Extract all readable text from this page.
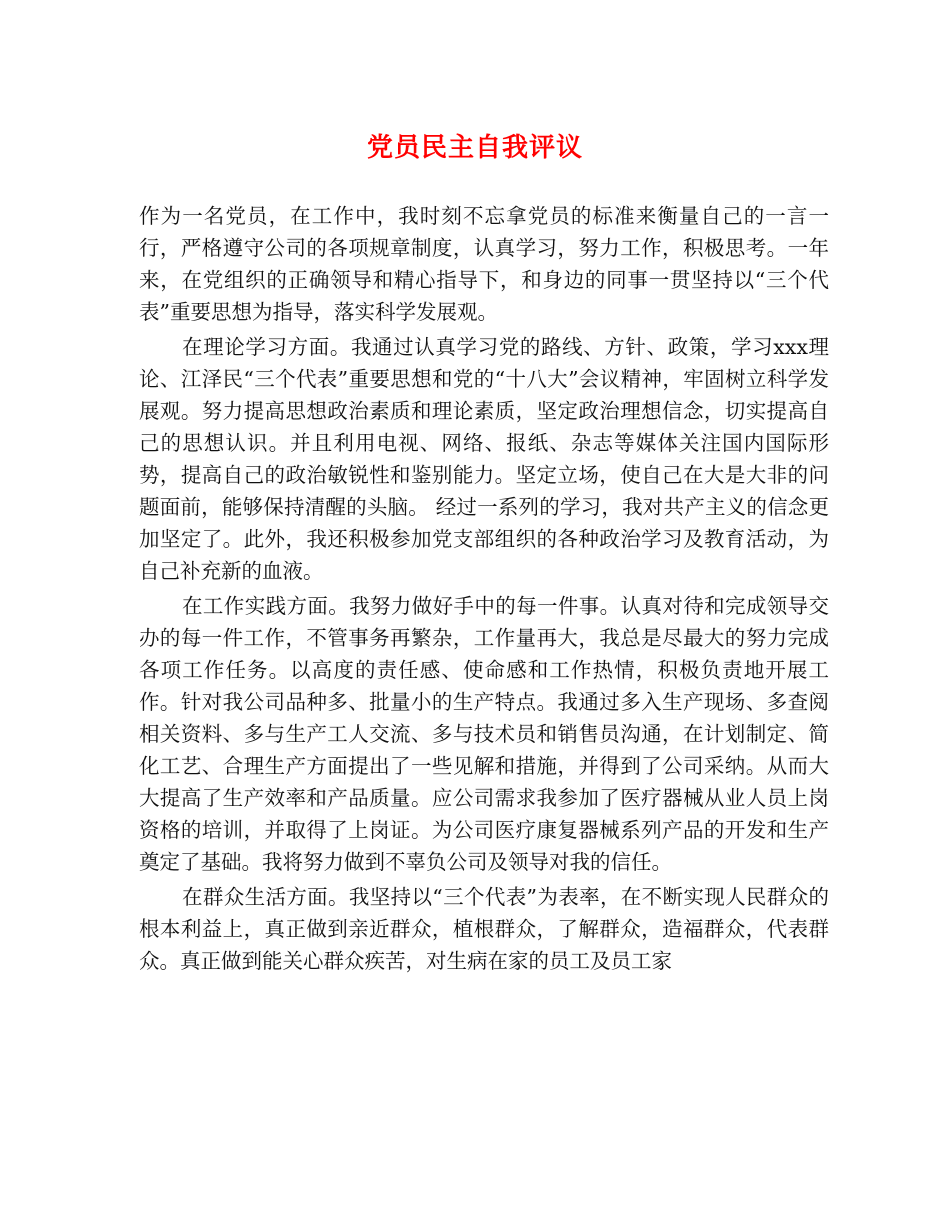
党员民主自我评议

作为一名党员，在工作中，我时刻不忘拿党员的标准来衡量自己的一言一行，严格遵守公司的各项规章制度，认真学习，努力工作，积极思考。一年来，在党组织的正确领导和精心指导下，和身边的同事一贯坚持以“三个代表”重要思想为指导，落实科学发展观。

在理论学习方面。我通过认真学习党的路线、方针、政策，学习xxx理论、江泽民“三个代表”重要思想和党的“十八大”会议精神，牢固树立科学发展观。努力提高思想政治素质和理论素质，坚定政治理想信念，切实提高自己的思想认识。并且利用电视、网络、报纸、杂志等媒体关注国内国际形势，提高自己的政治敏锐性和鉴别能力。坚定立场，使自己在大是大非的问题面前，能够保持清醒的头脑。 经过一系列的学习，我对共产主义的信念更加坚定了。此外，我还积极参加党支部组织的各种政治学习及教育活动，为自己补充新的血液。

在工作实践方面。我努力做好手中的每一件事。认真对待和完成领导交办的每一件工作，不管事务再繁杂，工作量再大，我总是尽最大的努力完成各项工作任务。以高度的责任感、使命感和工作热情，积极负责地开展工作。针对我公司品种多、批量小的生产特点。我通过多入生产现场、多查阅相关资料、多与生产工人交流、多与技术员和销售员沟通，在计划制定、简化工艺、合理生产方面提出了一些见解和措施，并得到了公司采纳。从而大大提高了生产效率和产品质量。应公司需求我参加了医疗器械从业人员上岗资格的培训，并取得了上岗证。为公司医疗康复器械系列产品的开发和生产奠定了基础。我将努力做到不辜负公司及领导对我的信任。

在群众生活方面。我坚持以“三个代表”为表率，在不断实现人民群众的根本利益上，真正做到亲近群众，植根群众，了解群众，造福群众，代表群众。真正做到能关心群众疾苦，对生病在家的员工及员工家
